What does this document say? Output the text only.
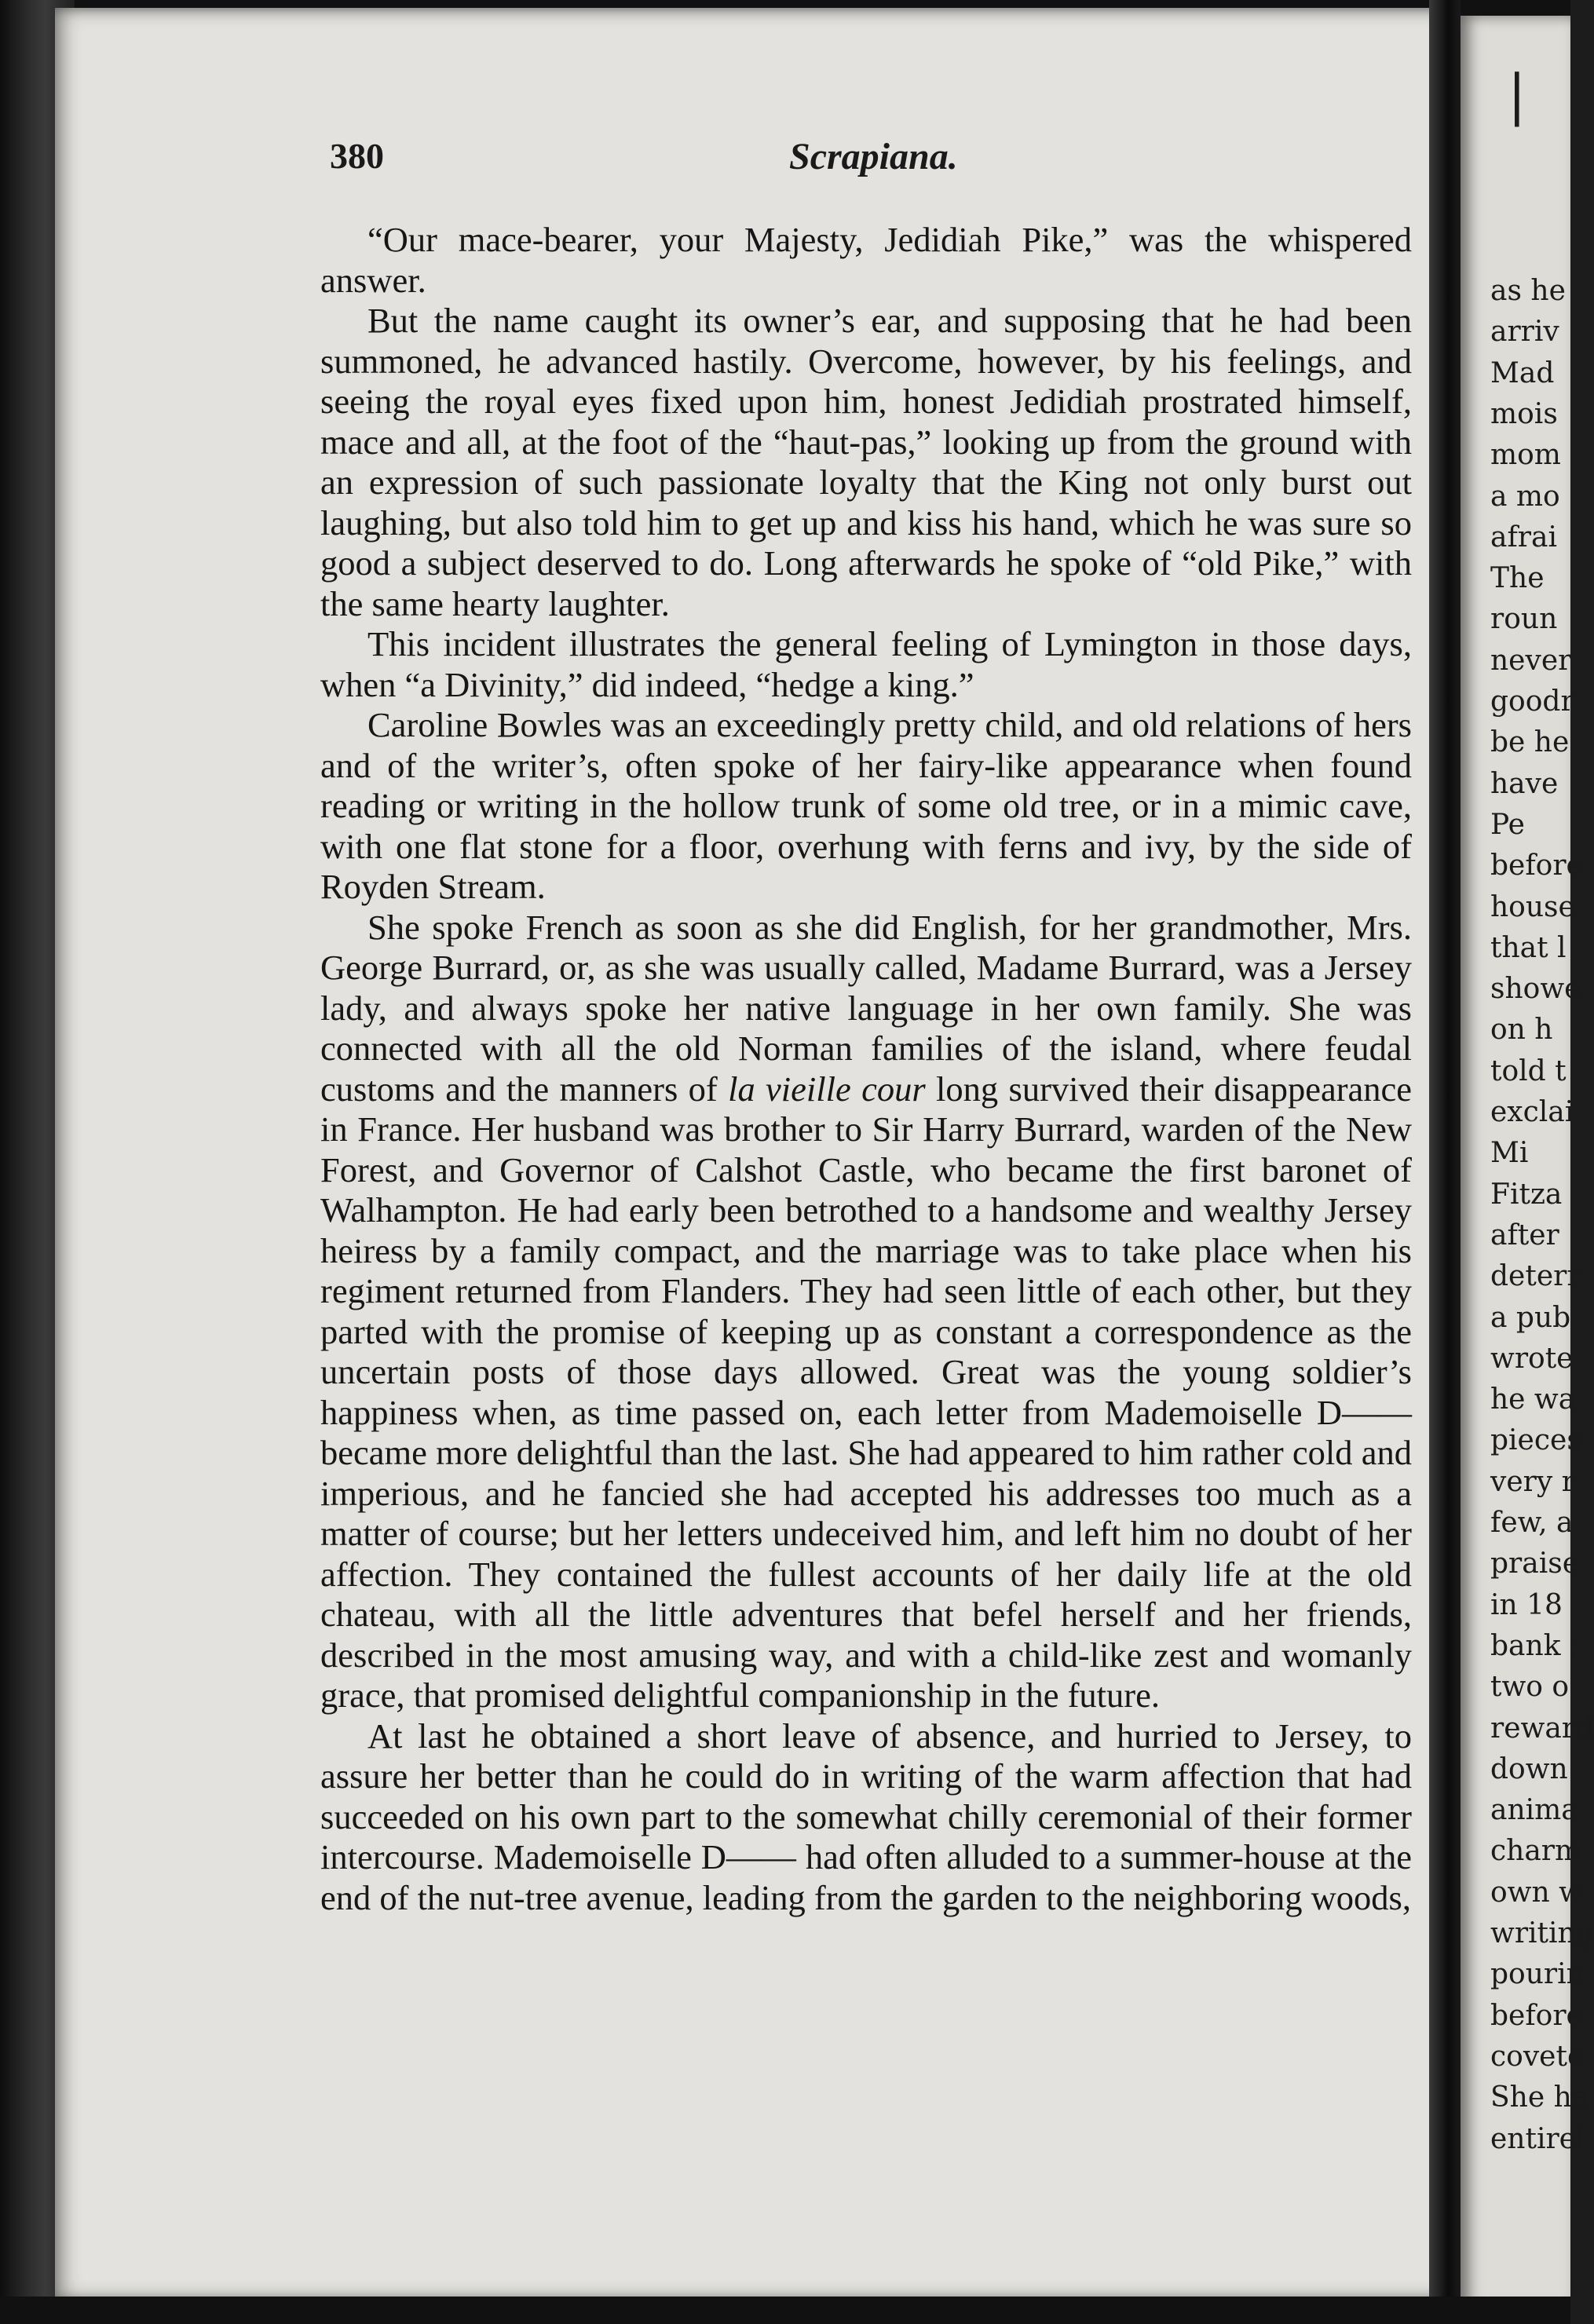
380	Scrapiana.

“Our mace-bearer, your Majesty, Jedidiah Pike,” was the whispered answer.

But the name caught its owner’s ear, and supposing that he had been summoned, he advanced hastily. Overcome, however, by his feelings, and seeing the royal eyes fixed upon him, honest Jedidiah prostrated himself, mace and all, at the foot of the “haut-pas,” looking up from the ground with an expression of such passionate loyalty that the King not only burst out laughing, but also told him to get up and kiss his hand, which he was sure so good a subject deserved to do. Long afterwards he spoke of “old Pike,” with the same hearty laughter.

This incident illustrates the general feeling of Lymington in those days, when “a Divinity,” did indeed, “hedge a king.”

Caroline Bowles was an exceedingly pretty child, and old relations of hers and of the writer’s, often spoke of her fairy-like appearance when found reading or writing in the hollow trunk of some old tree, or in a mimic cave, with one flat stone for a floor, overhung with ferns and ivy, by the side of Royden Stream.

She spoke French as soon as she did English, for her grandmother, Mrs. George Burrard, or, as she was usually called, Madame Burrard, was a Jersey lady, and always spoke her native language in her own family. She was connected with all the old Norman families of the island, where feudal customs and the manners of la vieille cour long survived their disappearance in France. Her husband was brother to Sir Harry Burrard, warden of the New Forest, and Governor of Calshot Castle, who became the first baronet of Walhampton. He had early been betrothed to a handsome and wealthy Jersey heiress by a family compact, and the marriage was to take place when his regiment returned from Flanders. They had seen little of each other, but they parted with the promise of keeping up as constant a correspondence as the uncertain posts of those days allowed. Great was the young soldier’s happiness when, as time passed on, each letter from Mademoiselle D—— became more delightful than the last. She had appeared to him rather cold and imperious, and he fancied she had accepted his addresses too much as a matter of course; but her letters undeceived him, and left him no doubt of her affection. They contained the fullest accounts of her daily life at the old chateau, with all the little adventures that befel herself and her friends, described in the most amusing way, and with a child-like zest and womanly grace, that promised delightful companionship in the future.

At last he obtained a short leave of absence, and hurried to Jersey, to assure her better than he could do in writing of the warm affection that had succeeded on his own part to the somewhat chilly ceremonial of their former intercourse. Mademoiselle D—— had often alluded to a summer-house at the end of the nut-tree avenue, leading from the garden to the neighboring woods,

|
as he
arriv
Mad
mois
mom
a mo
afrai
The
roun
never
goodr
be he
have
Pe
before
house
that l
showe
on h
told t
exclai
Mi
Fitza
after
deterr
a pub
wrote
he wa
pieces
very r
few, a
praise
in 18
bank ;
two o
reward
down
anima
charm
own w
writing
pourin
before
covete
She ha
entirel
